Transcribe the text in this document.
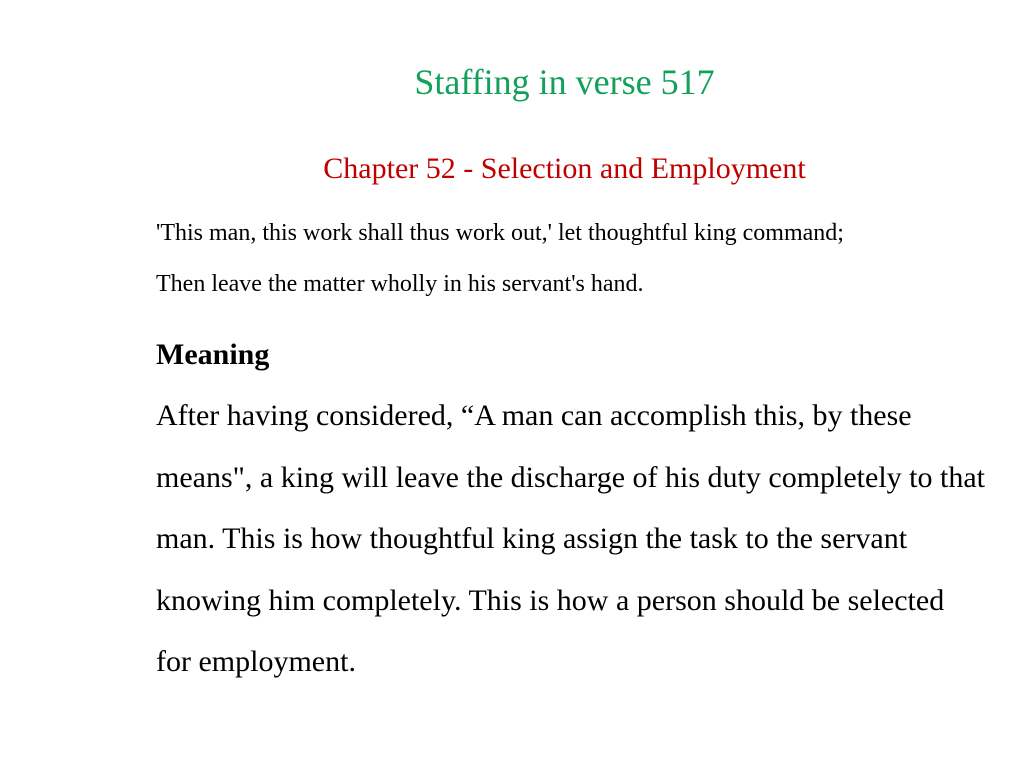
Staffing in verse 517
Chapter 52 - Selection and Employment

'This man, this work shall thus work out,' let thoughtful king command;

Then leave the matter wholly in his servant's hand.

Meaning

After having considered, “A man can accomplish this, by these means", a king will leave the discharge of his duty completely to that man. This is how thoughtful king assign the task to the servant knowing him completely. This is how a person should be selected for employment.
